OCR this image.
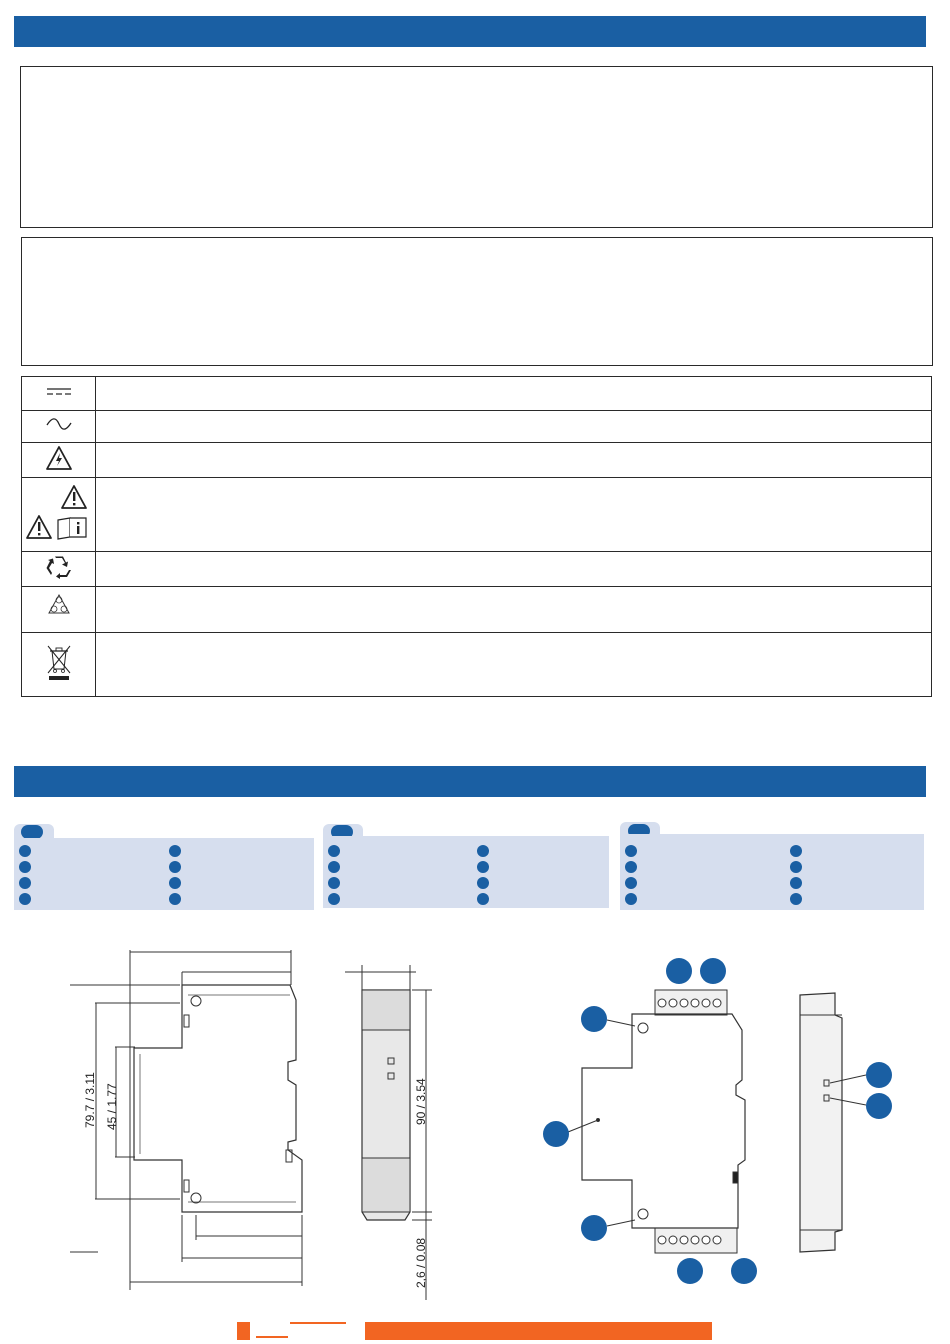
79.7 / 3.11	90 / 3.54
2,6 / 0.08
45 / 1.77
